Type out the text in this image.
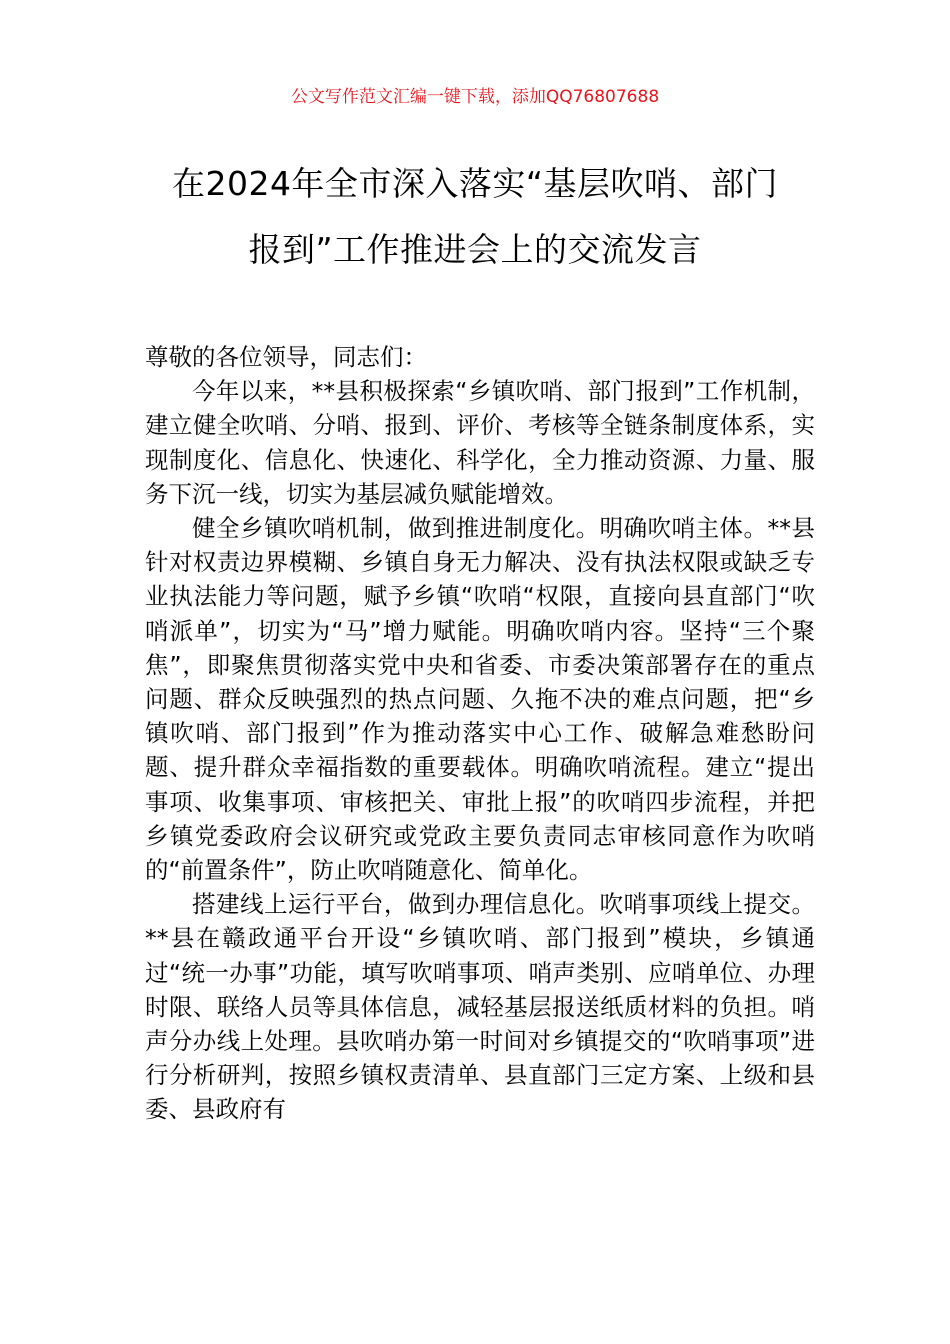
公文写作范文汇编一键下载，添加QQ76807688
在2024年全市深入落实“基层吹哨、部门
报到”工作推进会上的交流发言

尊敬的各位领导，同志们：

今年以来，**县积极探索“乡镇吹哨、部门报到”工作机制，建立健全吹哨、分哨、报到、评价、考核等全链条制度体系，实现制度化、信息化、快速化、科学化，全力推动资源、力量、服务下沉一线，切实为基层减负赋能增效。

健全乡镇吹哨机制，做到推进制度化。明确吹哨主体。**县针对权责边界模糊、乡镇自身无力解决、没有执法权限或缺乏专业执法能力等问题，赋予乡镇“吹哨“权限，直接向县直部门“吹哨派单”，切实为“马”增力赋能。明确吹哨内容。坚持“三个聚焦”，即聚焦贯彻落实党中央和省委、市委决策部署存在的重点问题、群众反映强烈的热点问题、久拖不决的难点问题，把“乡镇吹哨、部门报到”作为推动落实中心工作、破解急难愁盼问题、提升群众幸福指数的重要载体。明确吹哨流程。建立“提出事项、收集事项、审核把关、审批上报”的吹哨四步流程，并把乡镇党委政府会议研究或党政主要负责同志审核同意作为吹哨的“前置条件”，防止吹哨随意化、简单化。

搭建线上运行平台，做到办理信息化。吹哨事项线上提交。**县在赣政通平台开设“乡镇吹哨、部门报到”模块，乡镇通过“统一办事”功能，填写吹哨事项、哨声类别、应哨单位、办理时限、联络人员等具体信息，减轻基层报送纸质材料的负担。哨声分办线上处理。县吹哨办第一时间对乡镇提交的“吹哨事项”进行分析研判，按照乡镇权责清单、县直部门三定方案、上级和县委、县政府有
